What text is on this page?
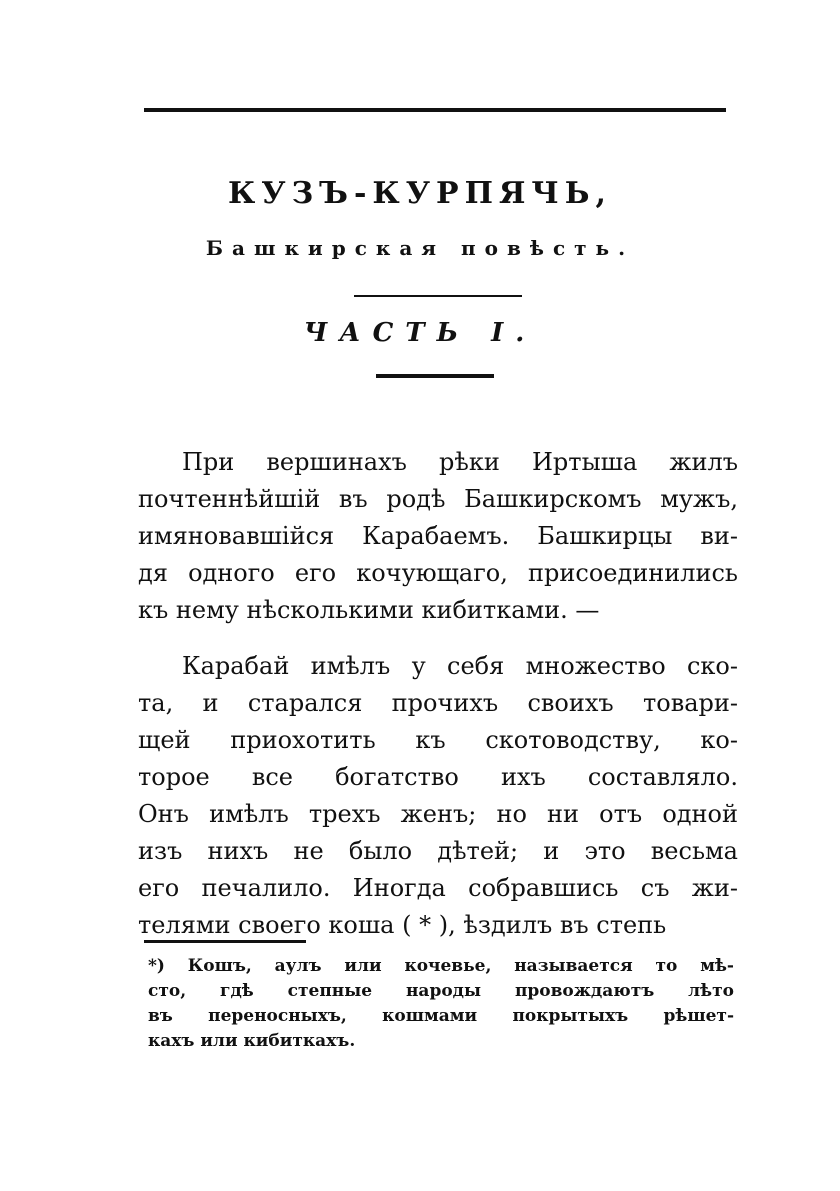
КУЗЪ-КУРПЯЧЬ,
Башкирская повѣсть.
ЧАСТЬ I.
При вершинахъ рѣки Иртыша жилъ
почтеннѣйшій въ родѣ Башкирскомъ мужъ,
имяновавшійся Карабаемъ. Башкирцы ви-
дя одного его кочующаго, присоединились
къ нему нѣсколькими кибитками. —
Карабай имѣлъ у себя множество ско-
та, и старался прочихъ своихъ товари-
щей приохотить къ скотоводству, ко-
торое все богатство ихъ составляло.
Онъ имѣлъ трехъ женъ; но ни отъ одной
изъ нихъ не было дѣтей; и это весьма
его печалило. Иногда собравшись съ жи-
телями своего коша ( * ), ѣздилъ въ степь
*) Кошъ, аулъ или кочевье, называется то мѣ-
сто, гдѣ степные народы провождаютъ лѣто
въ переносныхъ, кошмами покрытыхъ рѣшет-
кахъ или кибиткахъ.
